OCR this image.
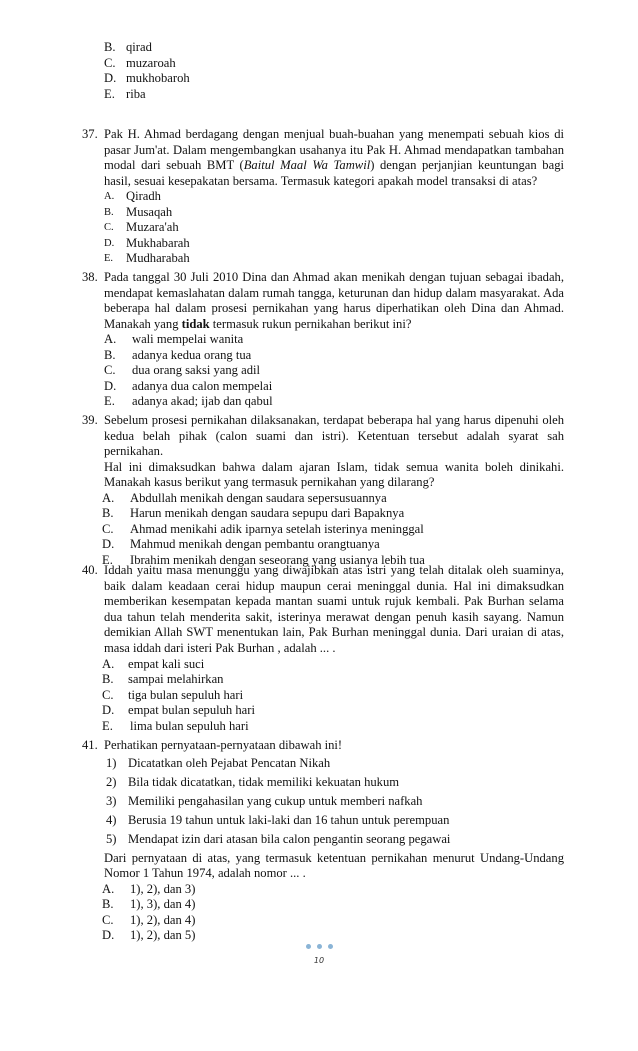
B. qirad
C. muzaroah
D. mukhobaroh
E. riba
37. Pak H. Ahmad berdagang dengan menjual buah-buahan yang menempati sebuah kios di

pasar Jum'at. Dalam mengembangkan usahanya itu Pak H. Ahmad mendapatkan tambahan

modal dari sebuah BMT (Baitul Maal Wa Tamwil) dengan perjanjian keuntungan bagi

hasil, sesuai kesepakatan bersama. Termasuk kategori apakah model transaksi di atas?

A. Qiradh
B. Musaqah
C. Muzara'ah
D. Mukhabarah
E. Mudharabah
38. Pada tanggal 30 Juli 2010 Dina dan Ahmad akan menikah dengan tujuan sebagai ibadah,

mendapat kemaslahatan dalam rumah tangga, keturunan dan hidup dalam masyarakat. Ada

beberapa hal dalam prosesi pernikahan yang harus diperhatikan oleh Dina dan Ahmad.

Manakah yang tidak termasuk rukun pernikahan berikut ini?

A. wali mempelai wanita
B. adanya kedua orang tua
C. dua orang saksi yang adil
D. adanya dua calon mempelai
E. adanya akad; ijab dan qabul
39. Sebelum prosesi pernikahan dilaksanakan, terdapat beberapa hal yang harus dipenuhi oleh

kedua belah pihak (calon suami dan istri). Ketentuan tersebut adalah syarat sah pernikahan.

Hal ini dimaksudkan bahwa dalam ajaran Islam, tidak semua wanita boleh dinikahi.

Manakah kasus berikut yang termasuk pernikahan yang dilarang?

A. Abdullah menikah dengan saudara sepersusuannya
B. Harun menikah dengan saudara sepupu dari Bapaknya
C. Ahmad menikahi adik iparnya setelah isterinya meninggal
D. Mahmud menikah dengan pembantu orangtuanya
E. Ibrahim menikah dengan seseorang yang usianya lebih tua
40. Iddah yaitu masa menunggu yang diwajibkan atas istri yang telah ditalak oleh suaminya,

baik dalam keadaan cerai hidup maupun cerai meninggal dunia. Hal ini dimaksudkan

memberikan kesempatan kepada mantan suami untuk rujuk kembali. Pak Burhan selama

dua tahun telah menderita sakit, isterinya merawat dengan penuh kasih sayang. Namun

demikian Allah SWT menentukan lain, Pak Burhan meninggal dunia. Dari uraian di atas,

masa iddah dari isteri Pak Burhan , adalah ... .

A. empat kali suci
B. sampai melahirkan
C. tiga bulan sepuluh hari
D. empat bulan sepuluh hari
E. lima bulan sepuluh hari
41. Perhatikan pernyataan-pernyataan dibawah ini!
1) Dicatatkan oleh Pejabat Pencatan Nikah
2) Bila tidak dicatatkan, tidak memiliki kekuatan hukum
3) Memiliki pengahasilan yang cukup untuk memberi nafkah
4) Berusia 19 tahun untuk laki-laki dan 16 tahun untuk perempuan
5) Mendapat izin dari atasan bila calon pengantin seorang pegawai

Dari pernyataan di atas, yang termasuk ketentuan pernikahan menurut Undang-Undang

Nomor 1 Tahun 1974, adalah nomor ... .

A. 1), 2), dan 3)
B. 1), 3), dan 4)
C. 1), 2), dan 4)
D. 1), 2), dan 5)
10
